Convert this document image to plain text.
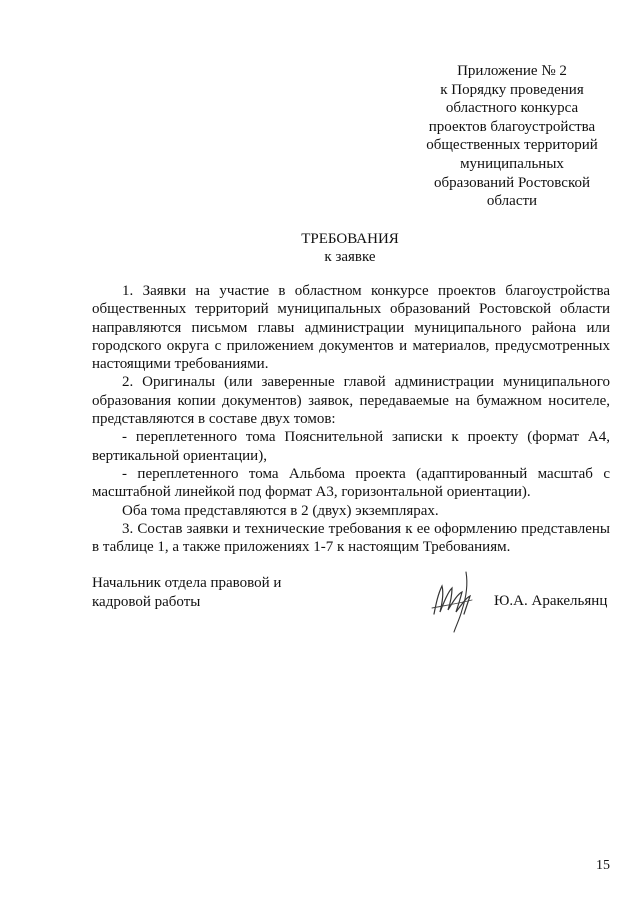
Приложение № 2
к Порядку проведения
областного конкурса
проектов благоустройства
общественных территорий
муниципальных
образований Ростовской
области
ТРЕБОВАНИЯ
к заявке

1. Заявки на участие в областном конкурсе проектов благоустройства общественных территорий муниципальных образований Ростовской области направляются письмом главы администрации муниципального района или городского округа с приложением документов и материалов, предусмотренных настоящими требованиями.

2. Оригиналы (или заверенные главой администрации муниципального образования копии документов) заявок, передаваемые на бумажном носителе, представляются в составе двух томов:

- переплетенного тома Пояснительной записки к проекту (формат А4, вертикальной ориентации),

- переплетенного тома Альбома проекта (адаптированный масштаб с масштабной линейкой под формат А3, горизонтальной ориентации).

Оба тома представляются в 2 (двух) экземплярах.

3. Состав заявки и технические требования к ее оформлению представлены в таблице 1, а также приложениях 1-7 к настоящим Требованиям.

Начальник отдела правовой и
кадровой работы	Ю.А. Аракельянц
15
